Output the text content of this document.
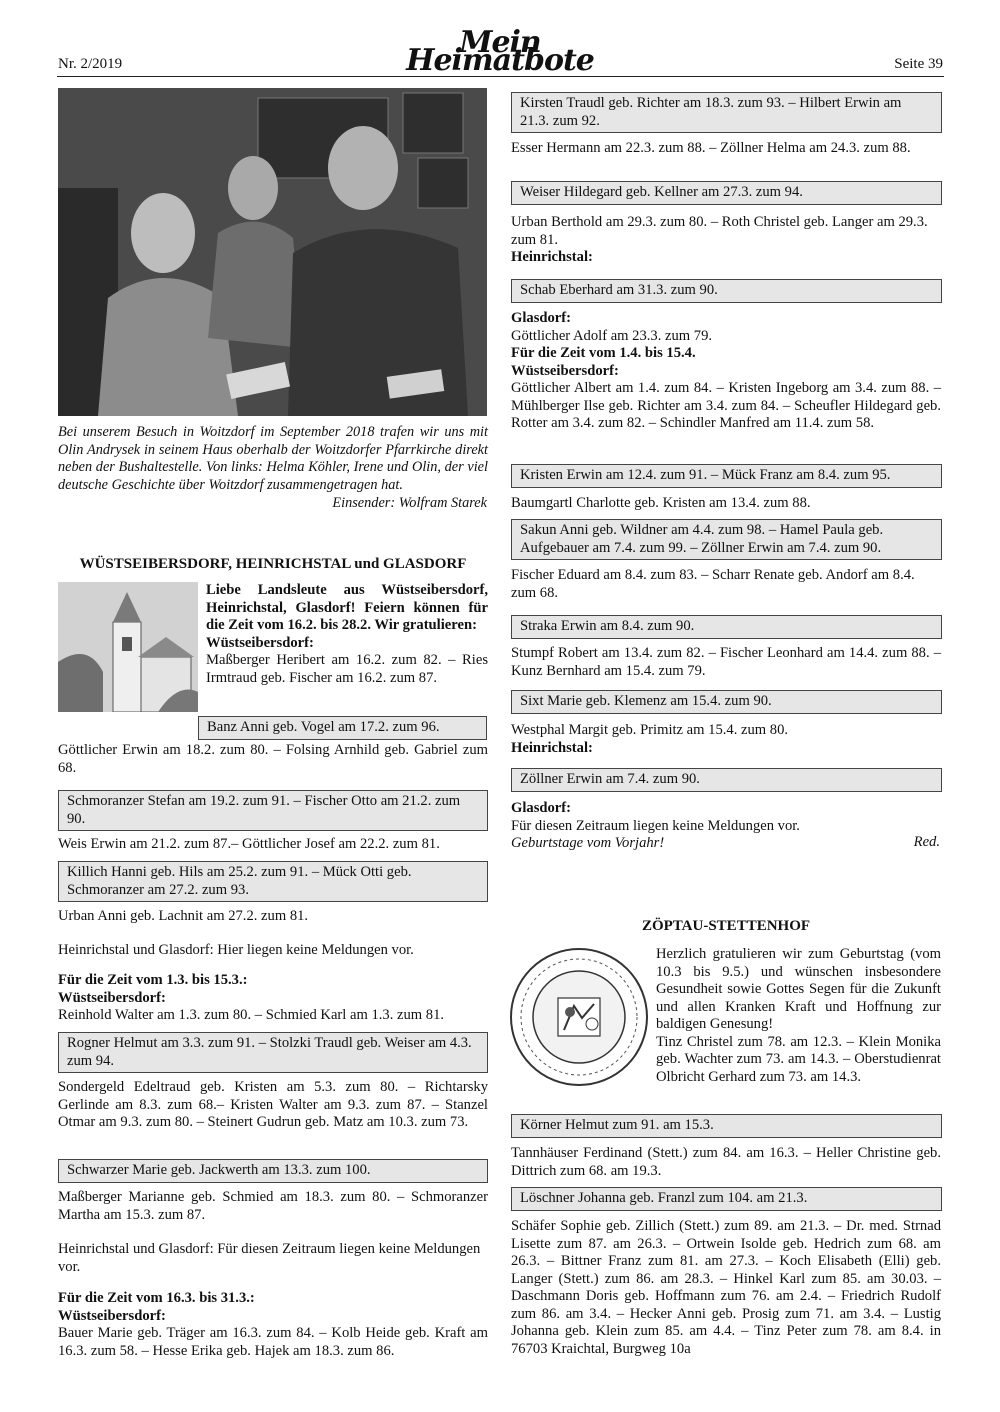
Nr. 2/2019
Mein Heimatbote	Seite 39
Bei unserem Besuch in Woitzdorf im September 2018 trafen wir uns mit Olin Andrysek in seinem Haus oberhalb der Woitzdorfer Pfarrkirche direkt neben der Bushaltestelle. Von links: Helma Köhler, Irene und Olin, der viel deutsche Geschichte über Woitzdorf zusammengetragen hat.
Einsender: Wolfram Starek
WÜSTSEIBERSDORF, HEINRICHSTAL und GLASDORF

Liebe Landsleute aus Wüstseibersdorf, Heinrichstal, Glasdorf! Feiern können für die Zeit vom 16.2. bis 28.2. Wir gratulieren:

Wüstseibersdorf:

Maßberger Heribert am 16.2. zum 82. – Ries Irmtraud geb. Fischer am 16.2. zum 87.

Banz Anni geb. Vogel am 17.2. zum 96.

Göttlicher Erwin am 18.2. zum 80. – Folsing Arnhild geb. Gabriel zum 68.

Schmoranzer Stefan am 19.2. zum 91. – Fischer Otto am 21.2. zum 90.

Weis Erwin am 21.2. zum 87.– Göttlicher Josef am 22.2. zum 81.

Killich Hanni geb. Hils am 25.2. zum 91. – Mück Otti geb. Schmoranzer am 27.2. zum 93.

Urban Anni geb. Lachnit am 27.2. zum 81.

Heinrichstal und Glasdorf: Hier liegen keine Meldungen vor.

Für die Zeit vom 1.3. bis 15.3.:

Wüstseibersdorf:

Reinhold Walter am 1.3. zum 80. – Schmied Karl am 1.3. zum 81.

Rogner Helmut am 3.3. zum 91. – Stolzki Traudl geb. Weiser am 4.3. zum 94.

Sondergeld Edeltraud geb. Kristen am 5.3. zum 80. – Richtarsky Gerlinde am 8.3. zum 68.– Kristen Walter am 9.3. zum 87. – Stanzel Otmar am 9.3. zum 80. – Steinert Gudrun geb. Matz am 10.3. zum 73.

Schwarzer Marie geb. Jackwerth am 13.3. zum 100.

Maßberger Marianne geb. Schmied am 18.3. zum 80. – Schmoranzer Martha am 15.3. zum 87.

Heinrichstal und Glasdorf: Für diesen Zeitraum liegen keine Meldungen vor.

Für die Zeit vom 16.3. bis 31.3.:

Wüstseibersdorf:

Bauer Marie geb. Träger am 16.3. zum 84. – Kolb Heide geb. Kraft am 16.3. zum 58. – Hesse Erika geb. Hajek am 18.3. zum 86.

Kirsten Traudl geb. Richter am 18.3. zum 93. – Hilbert Erwin am 21.3. zum 92.

Esser Hermann am 22.3. zum 88. – Zöllner Helma am 24.3. zum 88.

Weiser Hildegard geb. Kellner am 27.3. zum 94.

Urban Berthold am 29.3. zum 80. – Roth Christel geb. Langer am 29.3. zum 81.

Heinrichstal:

Schab Eberhard am 31.3. zum 90.

Glasdorf:

Göttlicher Adolf am 23.3. zum 79.

Für die Zeit vom 1.4. bis 15.4.

Wüstseibersdorf:

Göttlicher Albert am 1.4. zum 84. – Kristen Ingeborg am 3.4. zum 88. – Mühlberger Ilse geb. Richter am 3.4. zum 84. – Scheufler Hildegard geb. Rotter am 3.4. zum 82. – Schindler Manfred am 11.4. zum 58.

Kristen Erwin am 12.4. zum 91. – Mück Franz am 8.4. zum 95.

Baumgartl Charlotte geb. Kristen am 13.4. zum 88.

Sakun Anni geb. Wildner am 4.4. zum 98. – Hamel Paula geb. Aufgebauer am 7.4. zum 99. – Zöllner Erwin am 7.4. zum 90.

Fischer Eduard am 8.4. zum 83. – Scharr Renate geb. Andorf am 8.4. zum 68.

Straka Erwin am 8.4. zum 90.

Stumpf Robert am 13.4. zum 82. – Fischer Leonhard am 14.4. zum 88. – Kunz Bernhard am 15.4. zum 79.

Sixt Marie geb. Klemenz am 15.4. zum 90.

Westphal Margit geb. Primitz am 15.4. zum 80.

Heinrichstal:

Zöllner Erwin am 7.4. zum 90.

Glasdorf:

Für diesen Zeitraum liegen keine Meldungen vor.

Geburtstage vom Vorjahr!	Red.
ZÖPTAU-STETTENHOF

Herzlich gratulieren wir zum Geburtstag (vom 10.3 bis 9.5.) und wünschen insbesondere Gesundheit sowie Gottes Segen für die Zukunft und allen Kranken Kraft und Hoffnung zur baldigen Genesung!

Tinz Christel zum 78. am 12.3. – Klein Monika geb. Wachter zum 73. am 14.3. – Oberstudienrat Olbricht Gerhard zum 73. am 14.3.

Körner Helmut zum 91. am 15.3.

Tannhäuser Ferdinand (Stett.) zum 84. am 16.3. – Heller Christine geb. Dittrich zum 68. am 19.3.

Löschner Johanna geb. Franzl zum 104. am 21.3.

Schäfer Sophie geb. Zillich (Stett.) zum 89. am 21.3. – Dr. med. Strnad Lisette zum 87. am 26.3. – Ortwein Isolde geb. Hedrich zum 68. am 26.3. – Bittner Franz zum 81. am 27.3. – Koch Elisabeth (Elli) geb. Langer (Stett.) zum 86. am 28.3. – Hinkel Karl zum 85. am 30.03. – Daschmann Doris geb. Hoffmann zum 76. am 2.4. – Friedrich Rudolf zum 86. am 3.4. – Hecker Anni geb. Prosig zum 71. am 3.4. – Lustig Johanna geb. Klein zum 85. am 4.4. – Tinz Peter zum 78. am 8.4. in 76703 Kraichtal, Burgweg 10a
